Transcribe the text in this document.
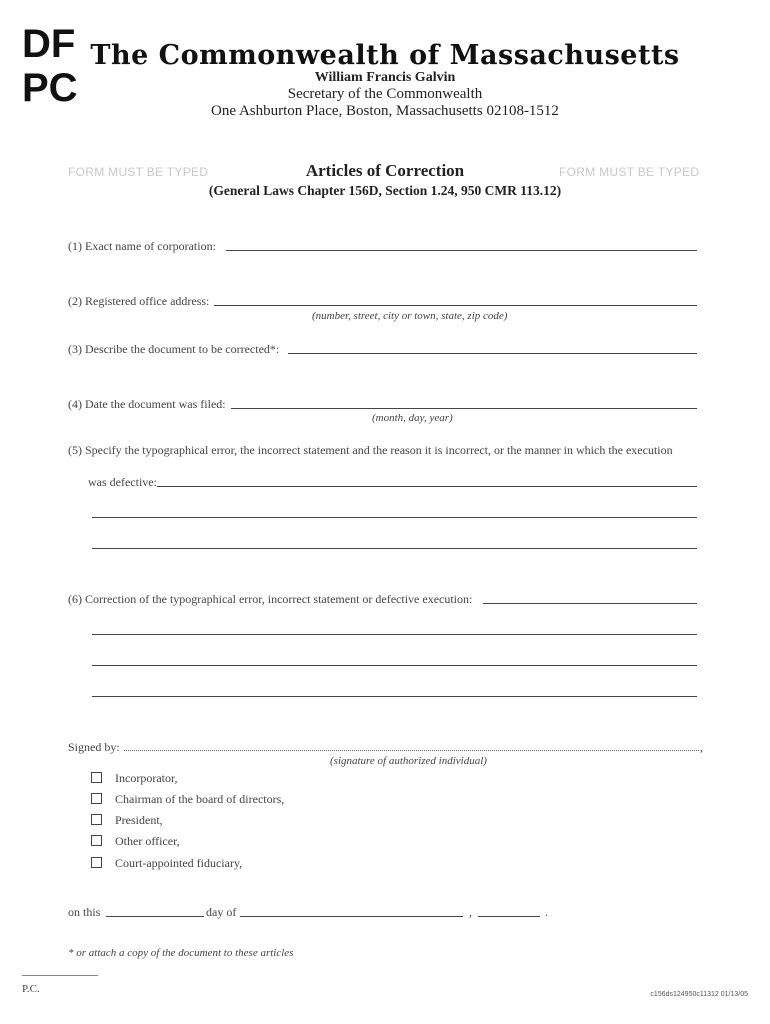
DF
PC
The Commonwealth of Massachusetts
William Francis Galvin
Secretary of the Commonwealth
One Ashburton Place, Boston, Massachusetts 02108-1512
FORM MUST BE TYPED	Articles of Correction	FORM MUST BE TYPED
(General Laws Chapter 156D, Section 1.24, 950 CMR 113.12)
(1) Exact name of corporation:
(2) Registered office address:
(number, street, city or town, state, zip code)
(3) Describe the document to be corrected*:
(4) Date the document was filed:
(month, day, year)
(5) Specify the typographical error, the incorrect statement and the reason it is incorrect, or the manner in which the execution
was defective:
(6) Correction of the typographical error, incorrect statement or defective execution:
Signed by:	,
(signature of authorized individual)
Incorporator,
Chairman of the board of directors,
President,
Other officer,
Court-appointed fiduciary,
on this	day of	,	.
* or attach a copy of the document to these articles
P.C.	c156ds124950c11312 01/13/05
